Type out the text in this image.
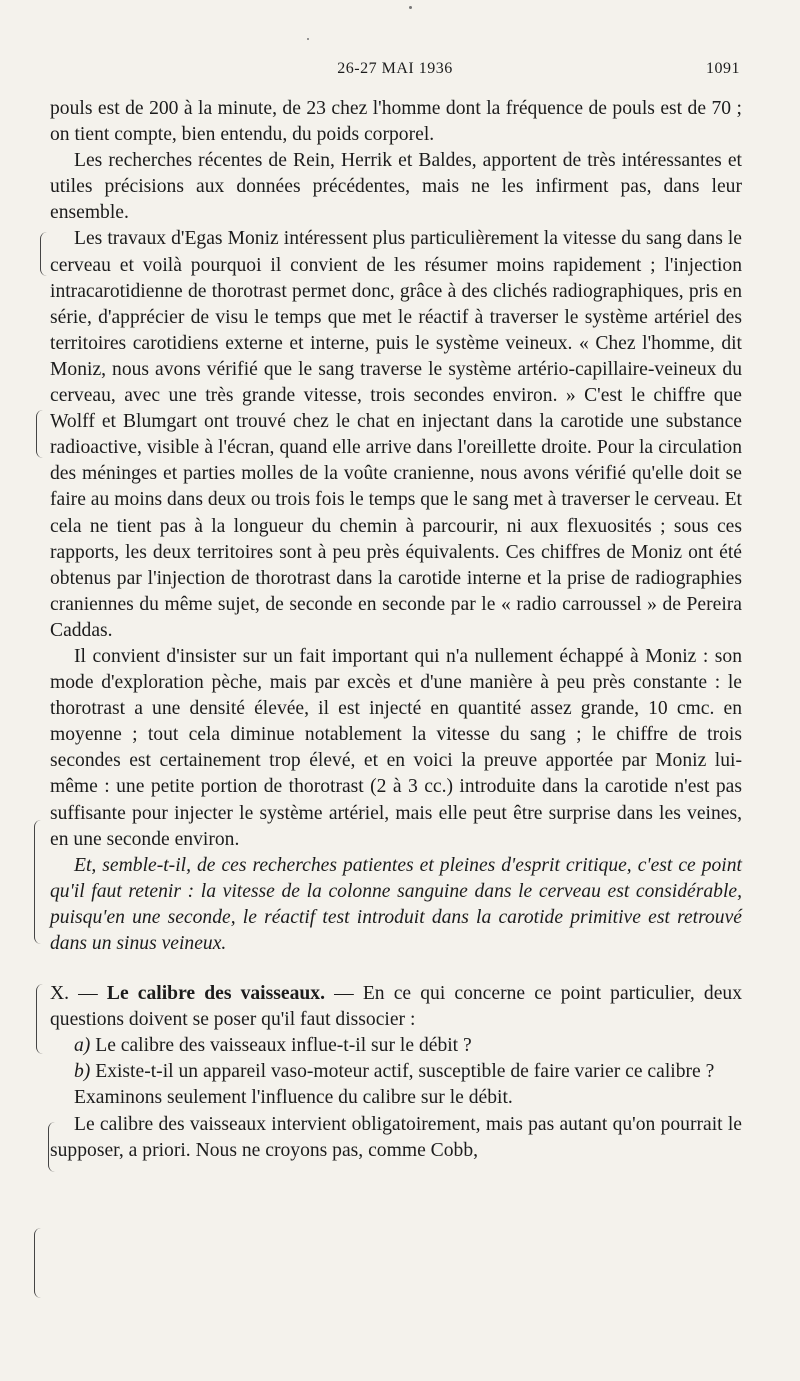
26-27 MAI 1936	1091

pouls est de 200 à la minute, de 23 chez l'homme dont la fréquence de pouls est de 70 ; on tient compte, bien entendu, du poids corporel.

Les recherches récentes de Rein, Herrik et Baldes, apportent de très intéressantes et utiles précisions aux données précédentes, mais ne les infirment pas, dans leur ensemble.

Les travaux d'Egas Moniz intéressent plus particulièrement la vitesse du sang dans le cerveau et voilà pourquoi il convient de les résumer moins rapidement ; l'injection intracarotidienne de thorotrast permet donc, grâce à des clichés radiographiques, pris en série, d'apprécier de visu le temps que met le réactif à traverser le système artériel des territoires carotidiens externe et interne, puis le système veineux. « Chez l'homme, dit Moniz, nous avons vérifié que le sang traverse le système artério-capillaire-veineux du cerveau, avec une très grande vitesse, trois secondes environ. » C'est le chiffre que Wolff et Blumgart ont trouvé chez le chat en injectant dans la carotide une substance radioactive, visible à l'écran, quand elle arrive dans l'oreillette droite. Pour la circulation des méninges et parties molles de la voûte cranienne, nous avons vérifié qu'elle doit se faire au moins dans deux ou trois fois le temps que le sang met à traverser le cerveau. Et cela ne tient pas à la longueur du chemin à parcourir, ni aux flexuosités ; sous ces rapports, les deux territoires sont à peu près équivalents. Ces chiffres de Moniz ont été obtenus par l'injection de thorotrast dans la carotide interne et la prise de radiographies craniennes du même sujet, de seconde en seconde par le « radio carroussel » de Pereira Caddas.

Il convient d'insister sur un fait important qui n'a nullement échappé à Moniz : son mode d'exploration pèche, mais par excès et d'une manière à peu près constante : le thorotrast a une densité élevée, il est injecté en quantité assez grande, 10 cmc. en moyenne ; tout cela diminue notablement la vitesse du sang ; le chiffre de trois secondes est certainement trop élevé, et en voici la preuve apportée par Moniz lui-même : une petite portion de thorotrast (2 à 3 cc.) introduite dans la carotide n'est pas suffisante pour injecter le système artériel, mais elle peut être surprise dans les veines, en une seconde environ.

Et, semble-t-il, de ces recherches patientes et pleines d'esprit critique, c'est ce point qu'il faut retenir : la vitesse de la colonne sanguine dans le cerveau est considérable, puisqu'en une seconde, le réactif test introduit dans la carotide primitive est retrouvé dans un sinus veineux.

X. — Le calibre des vaisseaux. — En ce qui concerne ce point particulier, deux questions doivent se poser qu'il faut dissocier :

a) Le calibre des vaisseaux influe-t-il sur le débit ?

b) Existe-t-il un appareil vaso-moteur actif, susceptible de faire varier ce calibre ?

Examinons seulement l'influence du calibre sur le débit.

Le calibre des vaisseaux intervient obligatoirement, mais pas autant qu'on pourrait le supposer, a priori. Nous ne croyons pas, comme Cobb,
